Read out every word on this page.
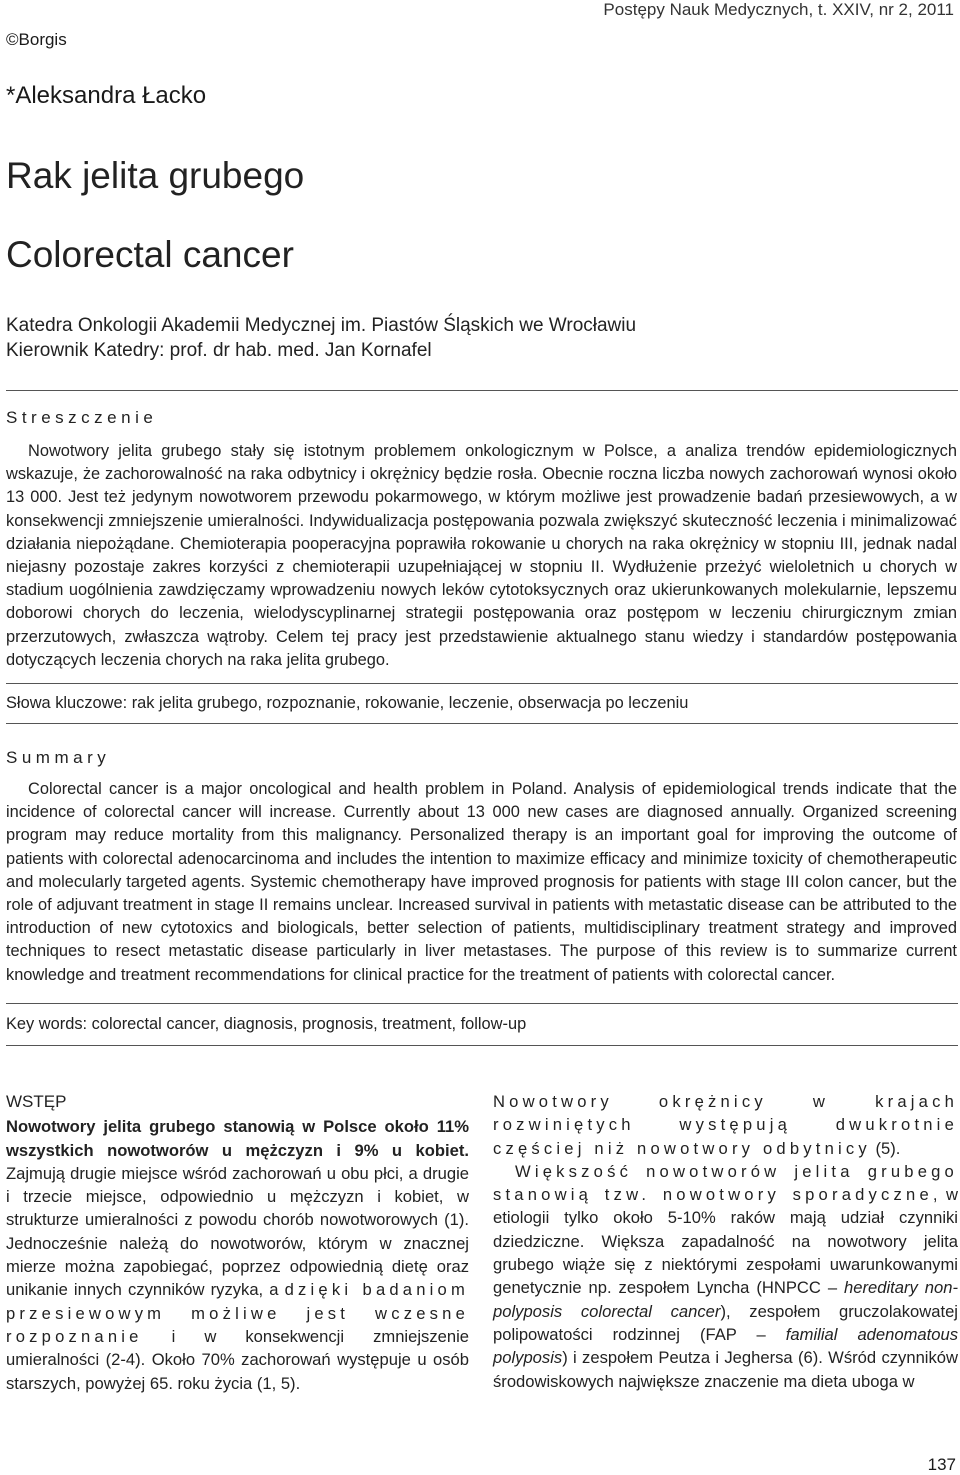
Postępy Nauk Medycznych, t. XXIV, nr 2, 2011
©Borgis
*Aleksandra Łacko
Rak jelita grubego
Colorectal cancer
Katedra Onkologii Akademii Medycznej im. Piastów Śląskich we Wrocławiu
Kierownik Katedry: prof. dr hab. med. Jan Kornafel
Streszczenie

Nowotwory jelita grubego stały się istotnym problemem onkologicznym w Polsce, a analiza trendów epidemiologicznych wskazuje, że zachorowalność na raka odbytnicy i okrężnicy będzie rosła. Obecnie roczna liczba nowych zachorowań wynosi około 13 000. Jest też jedynym nowotworem przewodu pokarmowego, w którym możliwe jest prowadzenie badań przesiewowych, a w konsekwencji zmniejszenie umieralności. Indywidualizacja postępowania pozwala zwiększyć skuteczność leczenia i minimalizować działania niepożądane. Chemioterapia pooperacyjna poprawiła rokowanie u chorych na raka okrężnicy w stopniu III, jednak nadal niejasny pozostaje zakres korzyści z chemioterapii uzupełniającej w stopniu II. Wydłużenie przeżyć wieloletnich u chorych w stadium uogólnienia zawdzięczamy wprowadzeniu nowych leków cytotoksycznych oraz ukierunkowanych molekularnie, lepszemu doborowi chorych do leczenia, wielodyscyplinarnej strategii postępowania oraz postępom w leczeniu chirurgicznym zmian przerzutowych, zwłaszcza wątroby. Celem tej pracy jest przedstawienie aktualnego stanu wiedzy i standardów postępowania dotyczących leczenia chorych na raka jelita grubego.

Słowa kluczowe: rak jelita grubego, rozpoznanie, rokowanie, leczenie, obserwacja po leczeniu
Summary

Colorectal cancer is a major oncological and health problem in Poland. Analysis of epidemiological trends indicate that the incidence of colorectal cancer will increase. Currently about 13 000 new cases are diagnosed annually. Organized screening program may reduce mortality from this malignancy. Personalized therapy is an important goal for improving the outcome of patients with colorectal adenocarcinoma and includes the intention to maximize efficacy and minimize toxicity of chemotherapeutic and molecularly targeted agents. Systemic chemotherapy have improved prognosis for patients with stage III colon cancer, but the role of adjuvant treatment in stage II remains unclear. Increased survival in patients with metastatic disease can be attributed to the introduction of new cytotoxics and biologicals, better selection of patients, multidisciplinary treatment strategy and improved techniques to resect metastatic disease particularly in liver metastases. The purpose of this review is to summarize current knowledge and treatment recommendations for clinical practice for the treatment of patients with colorectal cancer.

Key words: colorectal cancer, diagnosis, prognosis, treatment, follow-up
WSTĘP

Nowotwory jelita grubego stanowią w Polsce około 11% wszystkich nowotworów u mężczyzn i 9% u kobiet. Zajmują drugie miejsce wśród zachorowań u obu płci, a drugie i trzecie miejsce, odpowiednio u mężczyzn i kobiet, w strukturze umieralności z powodu chorób nowotworowych (1). Jednocześnie należą do nowotworów, którym w znacznej mierze można zapobiegać, poprzez odpowiednią dietę oraz unikanie innych czynników ryzyka, a dzięki badaniom przesiewowym możliwe jest wczesne rozpoznanie i w konsekwencji zmniejszenie umieralności (2-4). Około 70% zachorowań występuje u osób starszych, powyżej 65. roku życia (1, 5).

Nowotwory okrężnicy w krajach rozwiniętych występują dwukrotnie częściej niż nowotwory odbytnicy (5).

Większość nowotworów jelita grubego stanowią tzw. nowotwory sporadyczne, w etiologii tylko około 5-10% raków mają udział czynniki dziedziczne. Większa zapadalność na nowotwory jelita grubego wiąże się z niektórymi zespołami uwarunkowanymi genetycznie np. zespołem Lyncha (HNPCC – hereditary non-polyposis colorectal cancer), zespołem gruczolakowatej polipowatości rodzinnej (FAP – familial adenomatous polyposis) i zespołem Peutza i Jeghersa (6). Wśród czynników środowiskowych największe znaczenie ma dieta uboga w

137
